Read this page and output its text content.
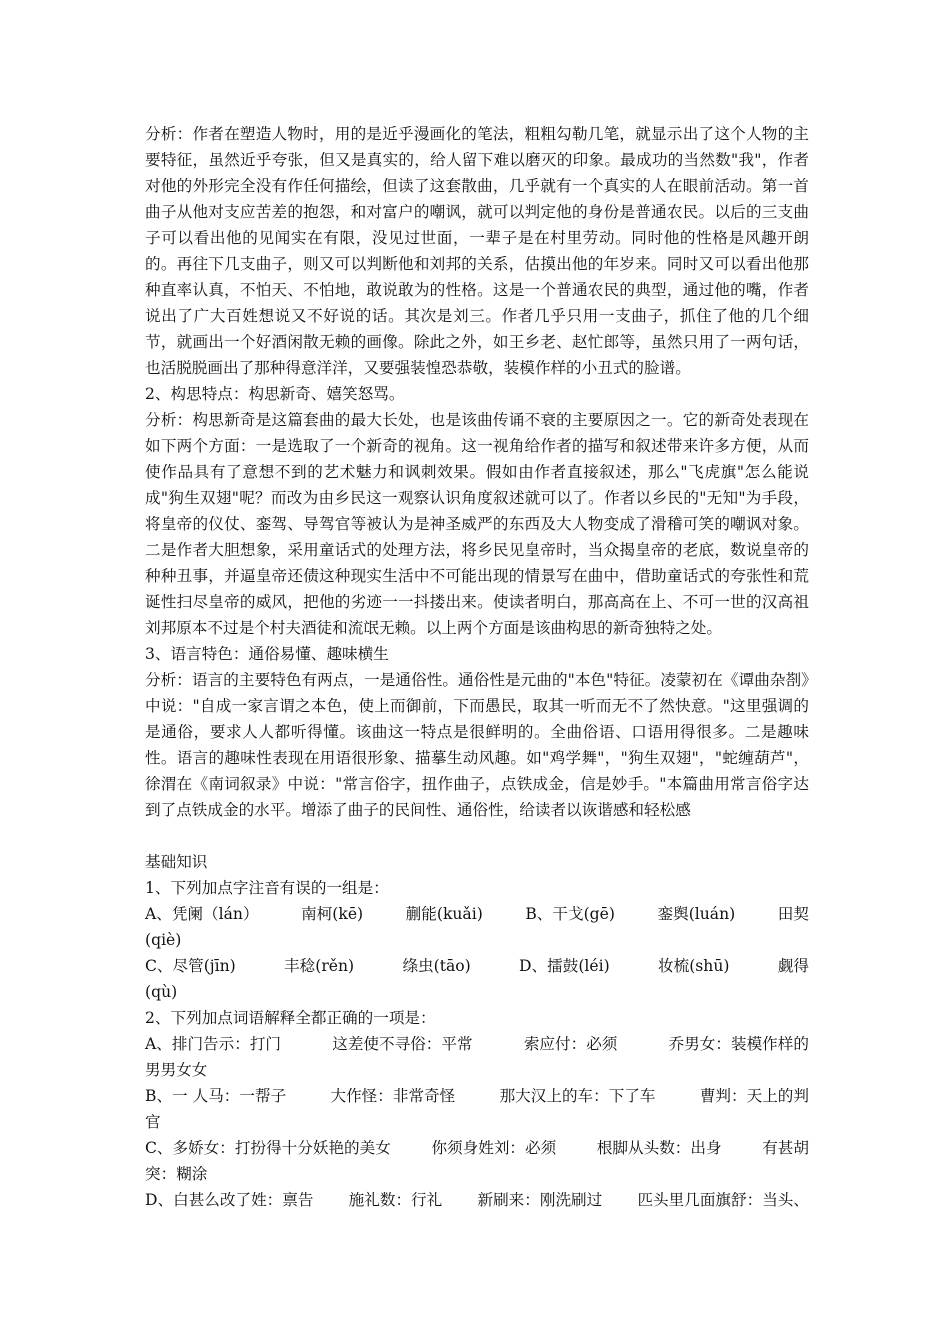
分析：作者在塑造人物时，用的是近乎漫画化的笔法，粗粗勾勒几笔，就显示出了这个人物的主要特征，虽然近乎夸张，但又是真实的，给人留下难以磨灭的印象。最成功的当然数"我"，作者对他的外形完全没有作任何描绘，但读了这套散曲，几乎就有一个真实的人在眼前活动。第一首曲子从他对支应苦差的抱怨，和对富户的嘲讽，就可以判定他的身份是普通农民。以后的三支曲子可以看出他的见闻实在有限，没见过世面，一辈子是在村里劳动。同时他的性格是风趣开朗的。再往下几支曲子，则又可以判断他和刘邦的关系，估摸出他的年岁来。同时又可以看出他那种直率认真，不怕天、不怕地，敢说敢为的性格。这是一个普通农民的典型，通过他的嘴，作者说出了广大百姓想说又不好说的话。其次是刘三。作者几乎只用一支曲子，抓住了他的几个细节，就画出一个好酒闲散无赖的画像。除此之外，如王乡老、赵忙郎等，虽然只用了一两句话，也活脱脱画出了那种得意洋洋，又要强装惶恐恭敬，装模作样的小丑式的脸谱。

2、构思特点：构思新奇、嬉笑怒骂。

分析：构思新奇是这篇套曲的最大长处，也是该曲传诵不衰的主要原因之一。它的新奇处表现在如下两个方面：一是选取了一个新奇的视角。这一视角给作者的描写和叙述带来许多方便，从而使作品具有了意想不到的艺术魅力和讽刺效果。假如由作者直接叙述，那么"飞虎旗"怎么能说成"狗生双翅"呢？而改为由乡民这一观察认识角度叙述就可以了。作者以乡民的"无知"为手段，将皇帝的仪仗、銮驾、导驾官等被认为是神圣威严的东西及大人物变成了滑稽可笑的嘲讽对象。二是作者大胆想象，采用童话式的处理方法，将乡民见皇帝时，当众揭皇帝的老底，数说皇帝的种种丑事，并逼皇帝还债这种现实生活中不可能出现的情景写在曲中，借助童话式的夸张性和荒诞性扫尽皇帝的威风，把他的劣迹一一抖搂出来。使读者明白，那高高在上、不可一世的汉高祖刘邦原本不过是个村夫酒徒和流氓无赖。以上两个方面是该曲构思的新奇独特之处。

3、语言特色：通俗易懂、趣味横生

分析：语言的主要特色有两点，一是通俗性。通俗性是元曲的"本色"特征。凌蒙初在《谭曲杂剳》中说："自成一家言谓之本色，使上而御前，下而愚民，取其一听而无不了然快意。"这里强调的是通俗，要求人人都听得懂。该曲这一特点是很鲜明的。全曲俗语、口语用得很多。二是趣味性。语言的趣味性表现在用语很形象、描摹生动风趣。如"鸡学舞"，"狗生双翅"，"蛇缠葫芦"，徐渭在《南词叙录》中说："常言俗字，扭作曲子，点铁成金，信是妙手。"本篇曲用常言俗字达到了点铁成金的水平。增添了曲子的民间性、通俗性，给读者以诙谐感和轻松感

基础知识

1、下列加点字注音有误的一组是：

A、凭阑（lán）	南柯(kē)	蒯能(kuǎi)	B、干戈(gē)	銮舆(luán)	田契

(qiè)

C、尽管(jīn)	丰稔(rěn)	绦虫(tāo)	D、擂鼓(léi)	妆梳(shū)	觑得

(qù)

2、下列加点词语解释全都正确的一项是：

A、排门告示：打门	这差使不寻俗：平常	索应付：必须	乔男女：装模作样的

男男女女

B、一 人马：一帮子	大作怪：非常奇怪	那大汉上的车：下了车	曹判：天上的判

官

C、多娇女：打扮得十分妖艳的美女	你须身姓刘：必须	根脚从头数：出身	有甚胡

突：糊涂

D、白甚么改了姓：禀告 施礼数：行礼 新刷来：刚洗刷过 匹头里几面旗舒：当头、
